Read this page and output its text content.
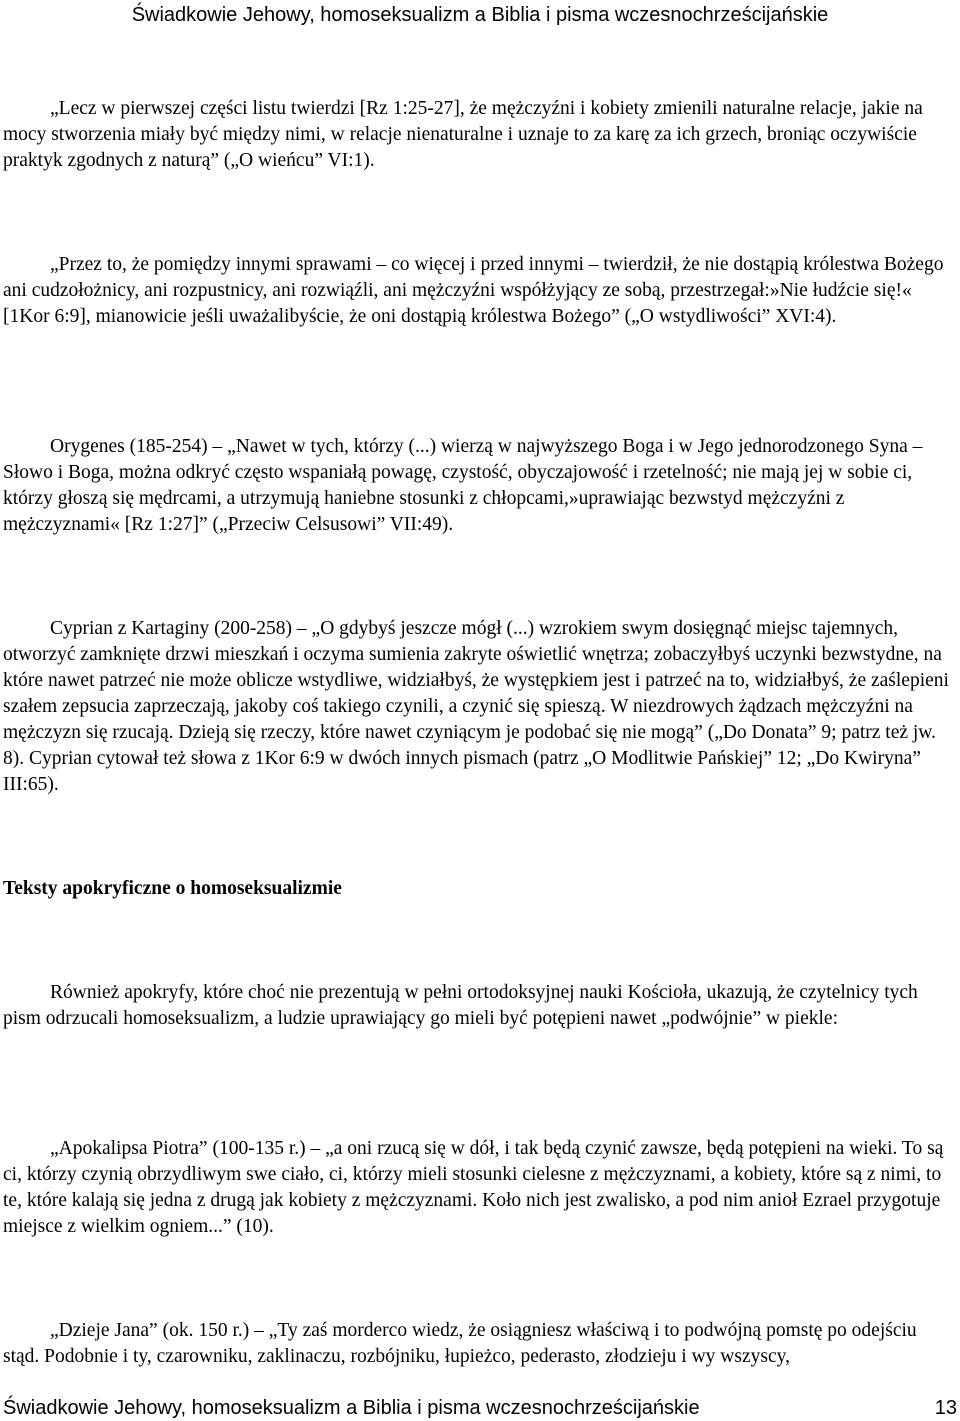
Świadkowie Jehowy, homoseksualizm a Biblia i pisma wczesnochrześcijańskie

„Lecz w pierwszej części listu twierdzi [Rz 1:25-27], że mężczyźni i kobiety zmienili naturalne relacje, jakie na mocy stworzenia miały być między nimi, w relacje nienaturalne i uznaje to za karę za ich grzech, broniąc oczywiście praktyk zgodnych z naturą” („O wieńcu” VI:1).

„Przez to, że pomiędzy innymi sprawami – co więcej i przed innymi – twierdził, że nie dostąpią królestwa Bożego ani cudzołożnicy, ani rozpustnicy, ani rozwiąźli, ani mężczyźni współżyjący ze sobą, przestrzegał:»Nie łudźcie się!« [1Kor 6:9], mianowicie jeśli uważalibyście, że oni dostąpią królestwa Bożego” („O wstydliwości” XVI:4).

Orygenes (185-254) – „Nawet w tych, którzy (...) wierzą w najwyższego Boga i w Jego jednorodzonego Syna – Słowo i Boga, można odkryć często wspaniałą powagę, czystość, obyczajowość i rzetelność; nie mają jej w sobie ci, którzy głoszą się mędrcami, a utrzymują haniebne stosunki z chłopcami,»uprawiając bezwstyd mężczyźni z mężczyznami« [Rz 1:27]” („Przeciw Celsusowi” VII:49).

Cyprian z Kartaginy (200-258) – „O gdybyś jeszcze mógł (...) wzrokiem swym dosięgnąć miejsc tajemnych, otworzyć zamknięte drzwi mieszkań i oczyma sumienia zakryte oświetlić wnętrza; zobaczyłbyś uczynki bezwstydne, na które nawet patrzeć nie może oblicze wstydliwe, widziałbyś, że występkiem jest i patrzeć na to, widziałbyś, że zaślepieni szałem zepsucia zaprzeczają, jakoby coś takiego czynili, a czynić się spieszą. W niezdrowych żądzach mężczyźni na mężczyzn się rzucają. Dzieją się rzeczy, które nawet czyniącym je podobać się nie mogą” („Do Donata” 9; patrz też jw. 8). Cyprian cytował też słowa z 1Kor 6:9 w dwóch innych pismach (patrz „O Modlitwie Pańskiej” 12; „Do Kwiryna” III:65).

Teksty apokryficzne o homoseksualizmie

Również apokryfy, które choć nie prezentują w pełni ortodoksyjnej nauki Kościoła, ukazują, że czytelnicy tych pism odrzucali homoseksualizm, a ludzie uprawiający go mieli być potępieni nawet „podwójnie” w piekle:

„Apokalipsa Piotra” (100-135 r.) – „a oni rzucą się w dół, i tak będą czynić zawsze, będą potępieni na wieki. To są ci, którzy czynią obrzydliwym swe ciało, ci, którzy mieli stosunki cielesne z mężczyznami, a kobiety, które są z nimi, to te, które kalają się jedna z drugą jak kobiety z mężczyznami. Koło nich jest zwalisko, a pod nim anioł Ezrael przygotuje miejsce z wielkim ogniem...” (10).

„Dzieje Jana” (ok. 150 r.) – „Ty zaś morderco wiedz, że osiągniesz właściwą i to podwójną pomstę po odejściu stąd. Podobnie i ty, czarowniku, zaklinaczu, rozbójniku, łupieżco, pederasto, złodzieju i wy wszyscy,

Świadkowie Jehowy, homoseksualizm a Biblia i pisma wczesnochrześcijańskie	13
